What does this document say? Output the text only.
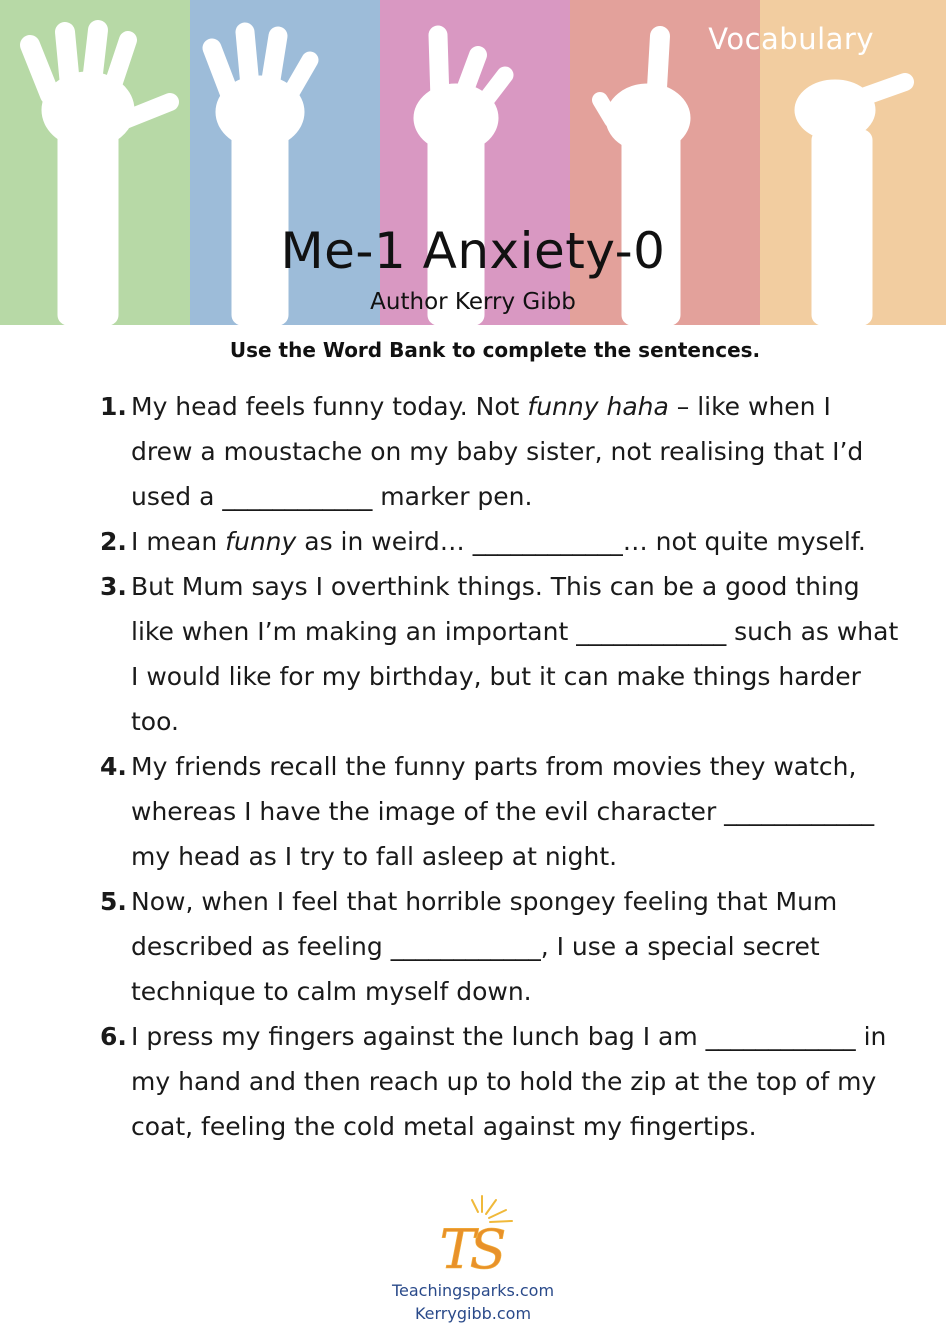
Vocabulary
Me-1 Anxiety-0
Author Kerry Gibb
Use the Word Bank to complete the sentences.
1. My head feels funny today. Not funny haha – like when I drew a moustache on my baby sister, not realising that I’d used a ____________ marker pen.
2. I mean funny as in weird… ____________… not quite myself.
3. But Mum says I overthink things. This can be a good thing like when I’m making an important ____________ such as what I would like for my birthday, but it can make things harder too.
4. My friends recall the funny parts from movies they watch, whereas I have the image of the evil character ____________ my head as I try to fall asleep at night.
5. Now, when I feel that horrible spongey feeling that Mum described as feeling ____________, I use a special secret technique to calm myself down.
6. I press my fingers against the lunch bag I am ____________ in my hand and then reach up to hold the zip at the top of my coat, feeling the cold metal against my fingertips.
TS
Teachingsparks.com
Kerrygibb.com
